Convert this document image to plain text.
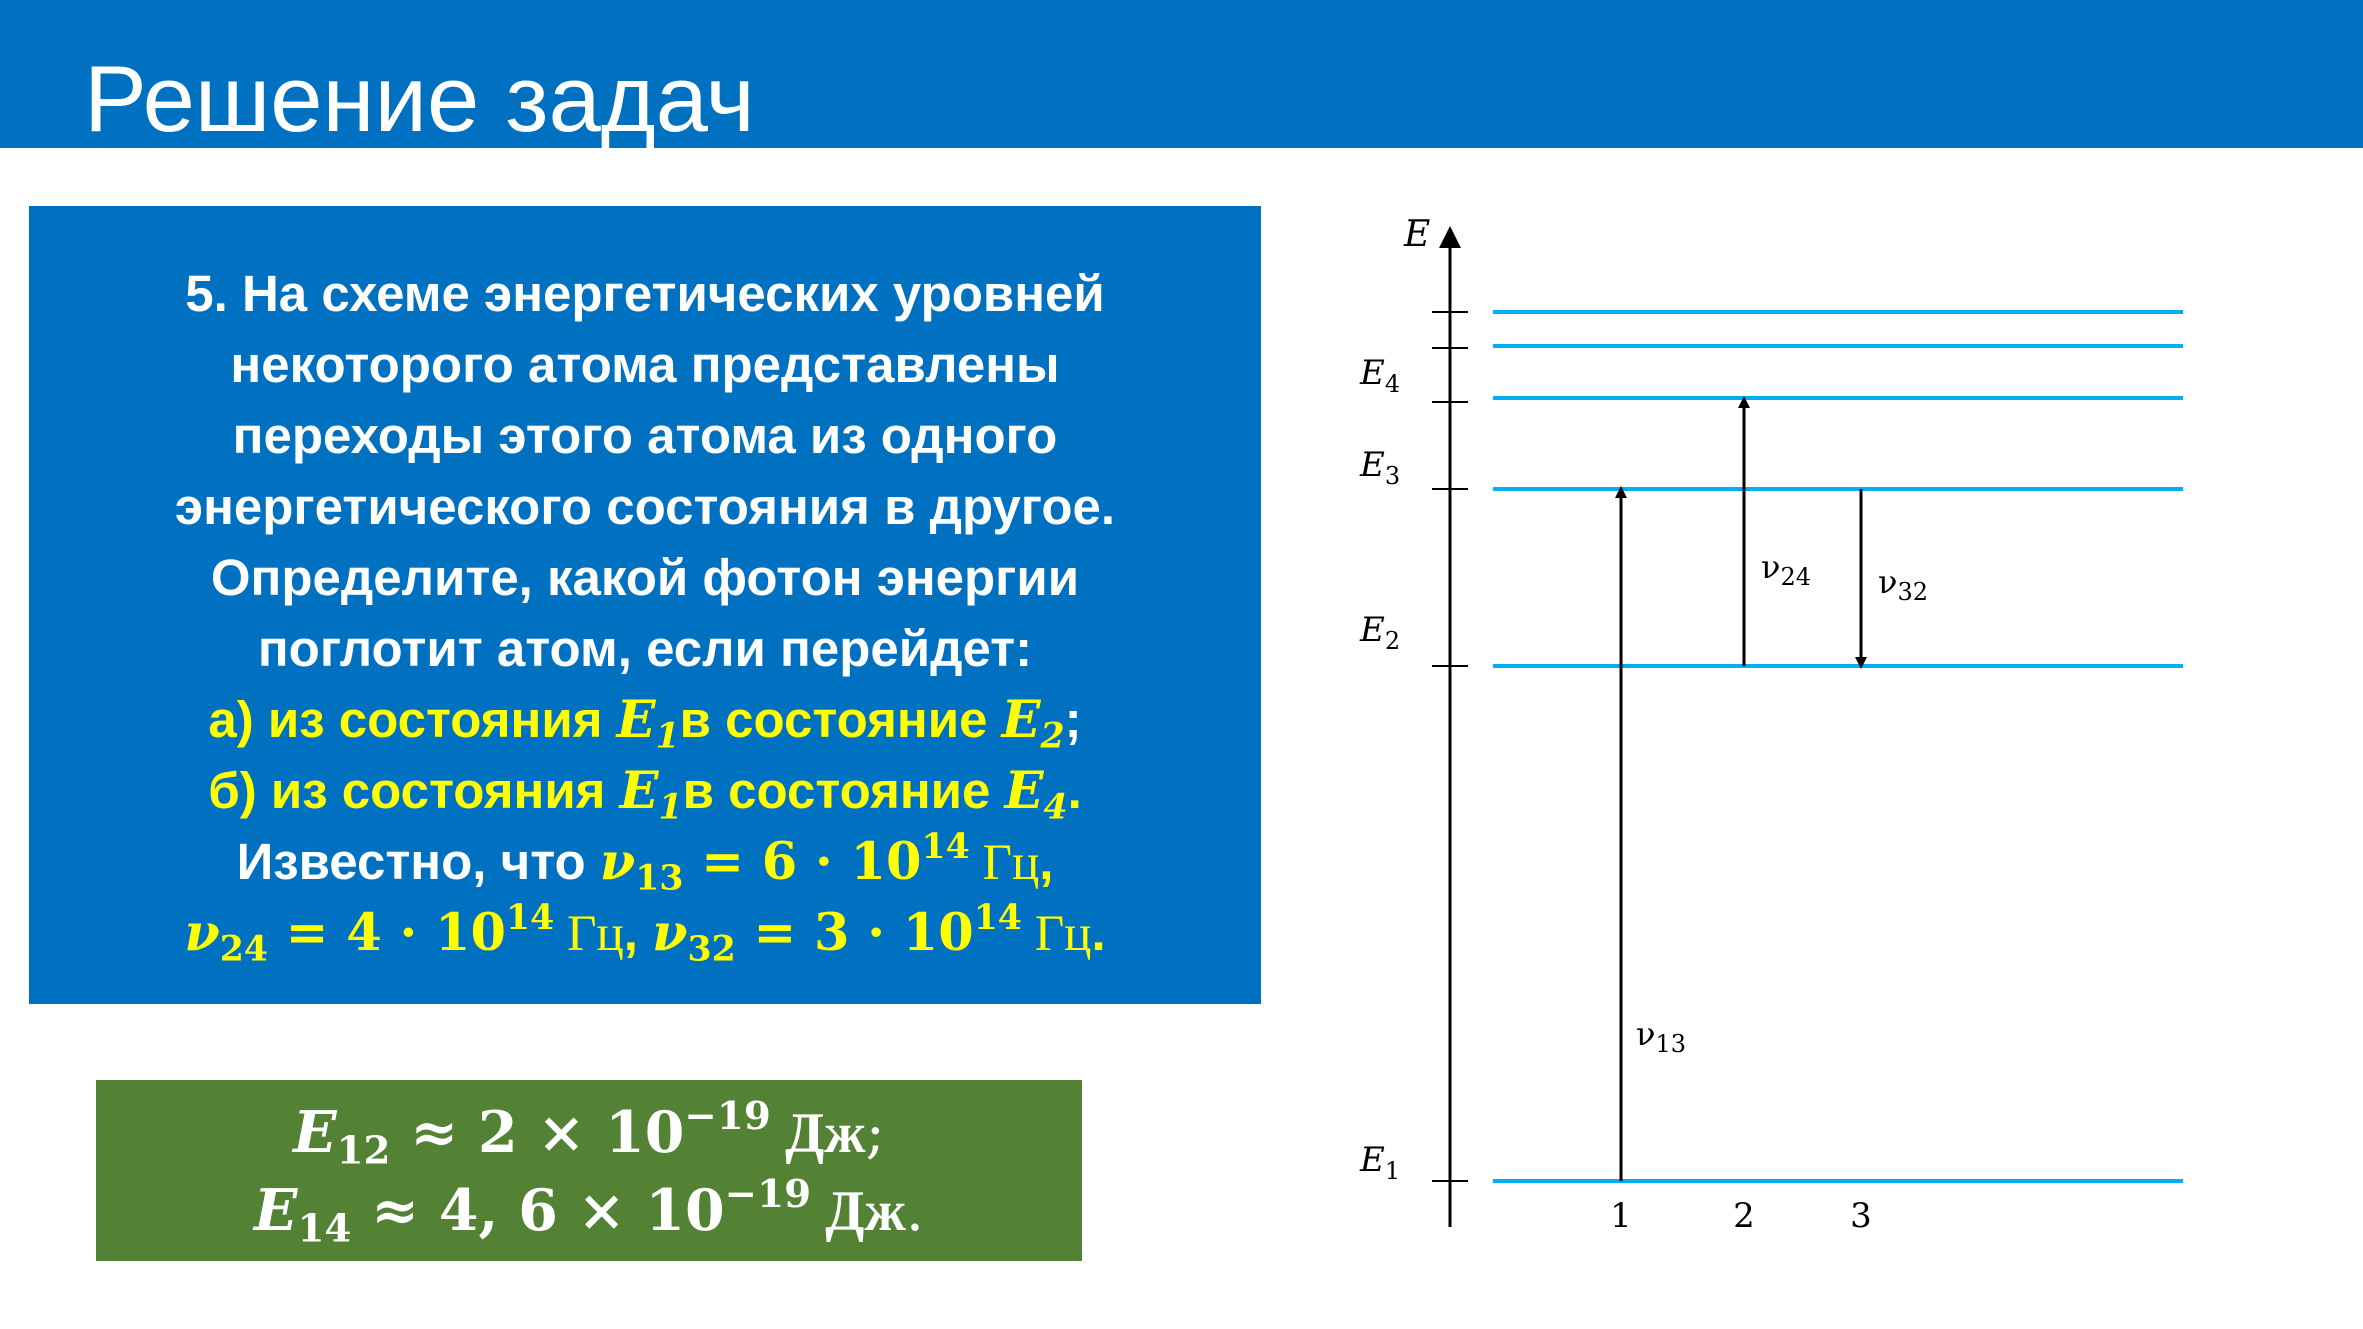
Решение задач
5. На схеме энергетических уровней
некоторого атома представлены
переходы этого атома из одного
энергетического состояния в другое.
Определите, какой фотон энергии
поглотит атом, если перейдет:
а) из состояния $E_1в$ состояние $E_2$;
б) из состояния $E_1в$ состояние $E_4$.
Известно, что $\nu_{13} = 6 \cdot 10^{14}$ Гц,
$\nu_{24} = 4 \cdot 10^{14}$ Гц, $\nu_{32} = 3 \cdot 10^{14}$ Гц.
$E_{12} \approx 2 \times 10^{-19}$ Дж;
$E_{14} \approx 4$, $6 \times 10^{-19}$ Дж.
E
$E_4$
$E_3$
$E_2$
$E_1$
$\nu_{13}$
$\nu_{24}$ $\nu_{32}$
1	2	3
